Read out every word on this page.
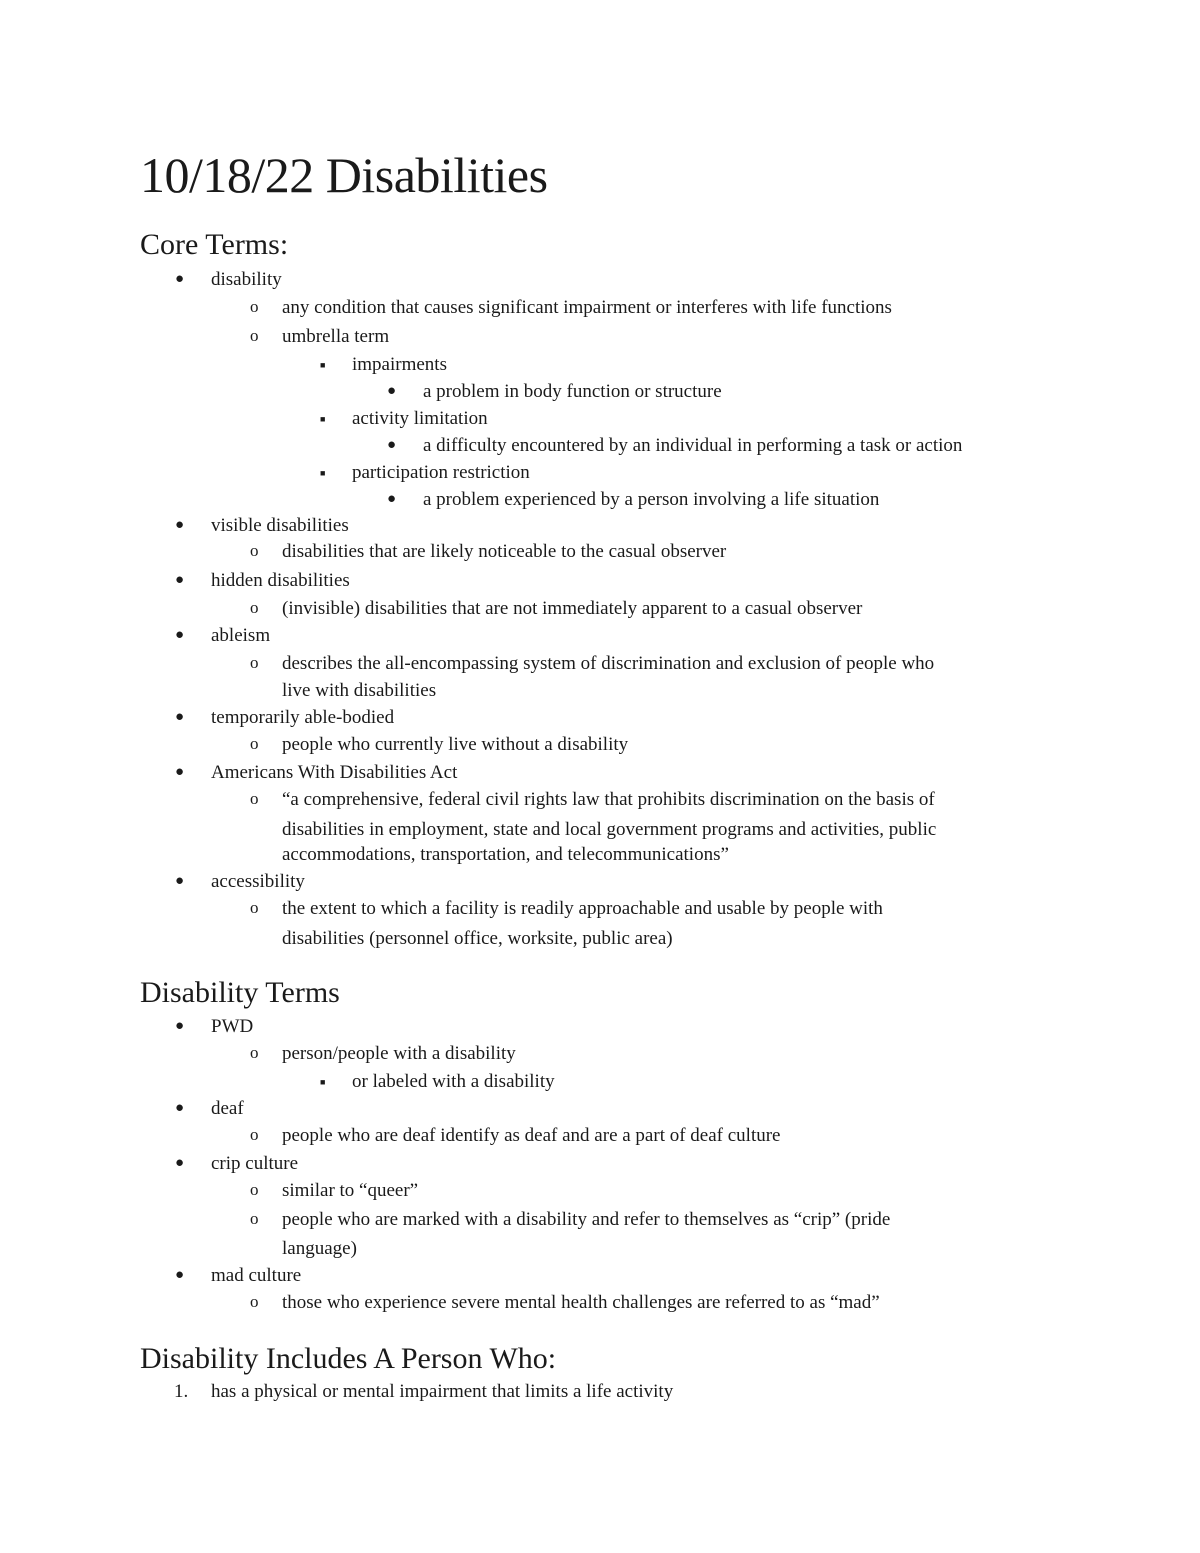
10/18/22 Disabilities
Core Terms:
● disability

o any condition that causes significant impairment or interferes with life functions

o umbrella term

■ impairments

● a problem in body function or structure

■ activity limitation

● a difficulty encountered by an individual in performing a task or action

■ participation restriction

● a problem experienced by a person involving a life situation

● visible disabilities

o disabilities that are likely noticeable to the casual observer

● hidden disabilities

o (invisible) disabilities that are not immediately apparent to a casual observer

● ableism

o describes the all-encompassing system of discrimination and exclusion of people who

live with disabilities

● temporarily able-bodied

o people who currently live without a disability

● Americans With Disabilities Act

o “a comprehensive, federal civil rights law that prohibits discrimination on the basis of

disabilities in employment, state and local government programs and activities, public

accommodations, transportation, and telecommunications”

● accessibility

o the extent to which a facility is readily approachable and usable by people with

disabilities (personnel office, worksite, public area)

Disability Terms
● PWD

o person/people with a disability

■ or labeled with a disability

● deaf

o people who are deaf identify as deaf and are a part of deaf culture

● crip culture

o similar to “queer”

o people who are marked with a disability and refer to themselves as “crip” (pride

language)

● mad culture

o those who experience severe mental health challenges are referred to as “mad”

Disability Includes A Person Who:
1. has a physical or mental impairment that limits a life activity
